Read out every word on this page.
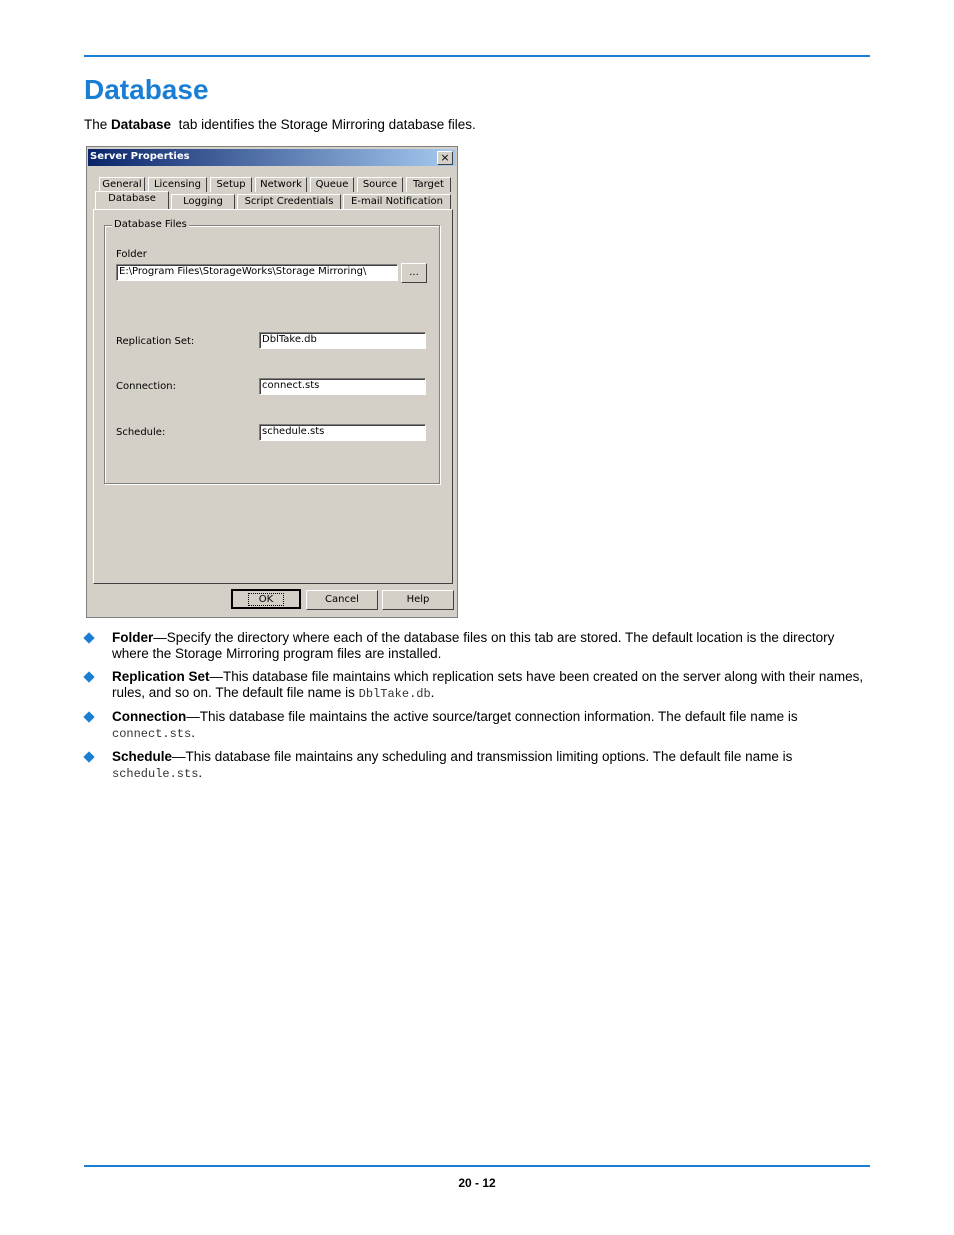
Database
The Database  tab identifies the Storage Mirroring database files.
Server Properties	×
General	Licensing	Setup	Network	Queue	Source	Target
Database	Logging	Script Credentials	E-mail Notification
Database Files
Folder
E:\Program Files\StorageWorks\Storage Mirroring\	...
Replication Set:	DblTake.db
Connection:	connect.sts
Schedule:	schedule.sts
OK	Cancel	Help
Folder—Specify the directory where each of the database files on this tab are stored. The default location is the directory where the Storage Mirroring program files are installed.
Replication Set—This database file maintains which replication sets have been created on the server along with their names, rules, and so on. The default file name is DblTake.db.
Connection—This database file maintains the active source/target connection information. The default file name is
connect.sts.
Schedule—This database file maintains any scheduling and transmission limiting options. The default file name is
schedule.sts.
20 - 12
